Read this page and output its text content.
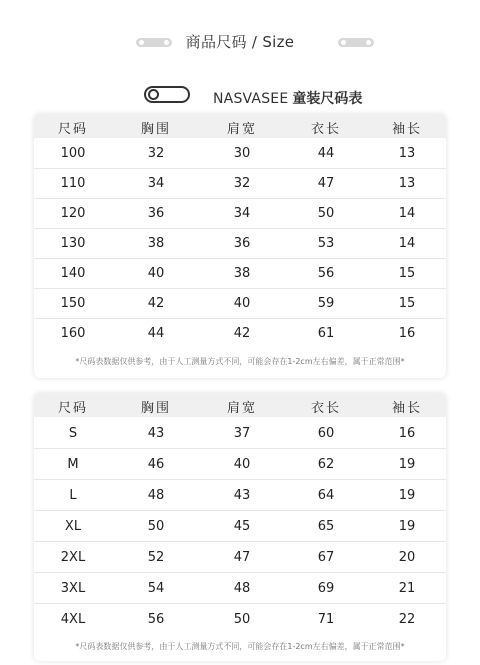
商品尺码 / Size
NASVASEE 童装尺码表
尺码	胸围	肩宽	衣长	袖长
100	32	30	44	13
110	34	32	47	13
120	36	34	50	14
130	38	36	53	14
140	40	38	56	15
150	42	40	59	15
160	44	42	61	16
*尺码表数据仅供参考，由于人工测量方式不同，可能会存在1-2cm左右偏差，属于正常范围*
尺码	胸围	肩宽	衣长	袖长
S	43	37	60	16
M	46	40	62	19
L	48	43	64	19
XL	50	45	65	19
2XL	52	47	67	20
3XL	54	48	69	21
4XL	56	50	71	22
*尺码表数据仅供参考，由于人工测量方式不同，可能会存在1-2cm左右偏差，属于正常范围*
